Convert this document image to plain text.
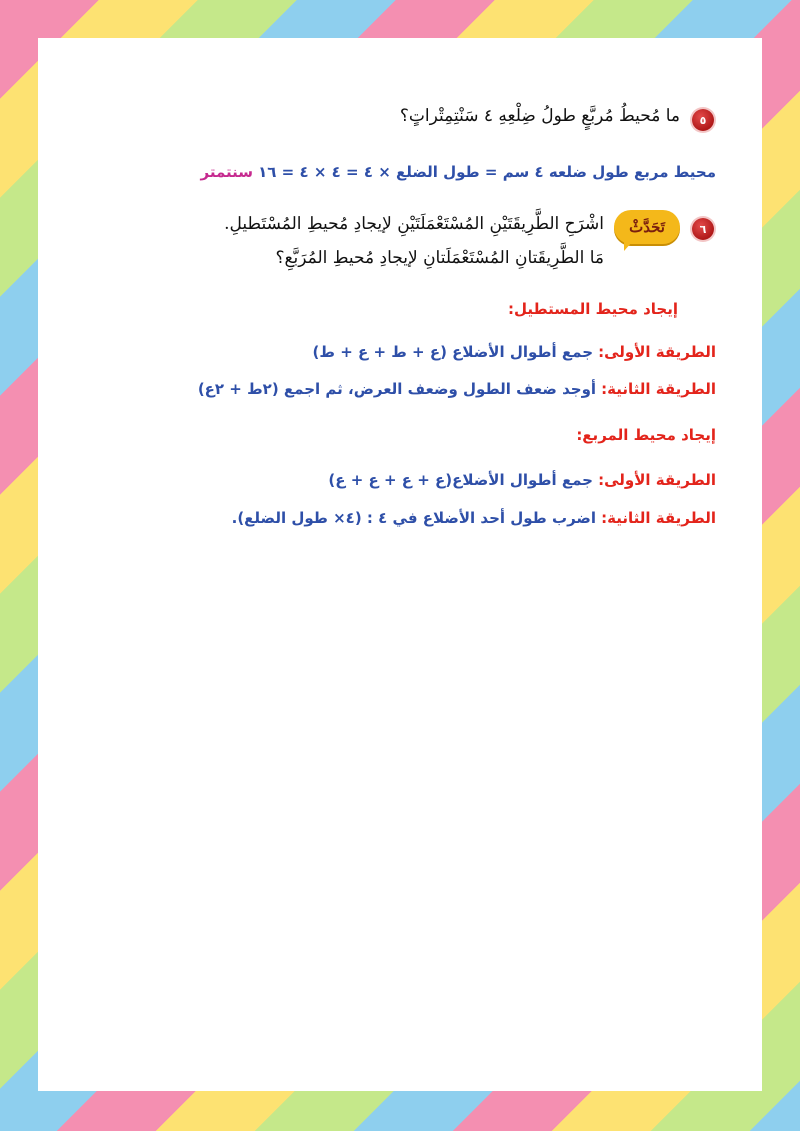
٥
ما مُحيطُ مُربَّعٍ طولُ ضِلْعِهِ ٤ سَنْتِمِتْراتٍ؟
محيط مربع طول ضلعه ٤ سم = طول الضلع × ٤ = ٤ × ٤ = ١٦ سنتمتر
٦
تَحَدَّثْ
اشْرَحِ الطَّرِيقَتَيْنِ المُسْتَعْمَلَتَيْنِ لإيجادِ مُحيطِ المُسْتَطيلِ.
مَا الطَّرِيقَتانِ المُسْتَعْمَلَتانِ لإيجادِ مُحيطِ المُرَبَّعِ؟
إيجاد محيط المستطيل:
الطريقة الأولى: جمع أطوال الأضلاع (ع + ط + ع + ط)
الطريقة الثانية: أوجد ضعف الطول وضعف العرض، ثم اجمع (٢ط + ٢ع)
إيجاد محيط المربع:
الطريقة الأولى: جمع أطوال الأضلاع(ع + ع + ع + ع)
الطريقة الثانية: اضرب طول أحد الأضلاع في ٤ : (٤× طول الضلع).
